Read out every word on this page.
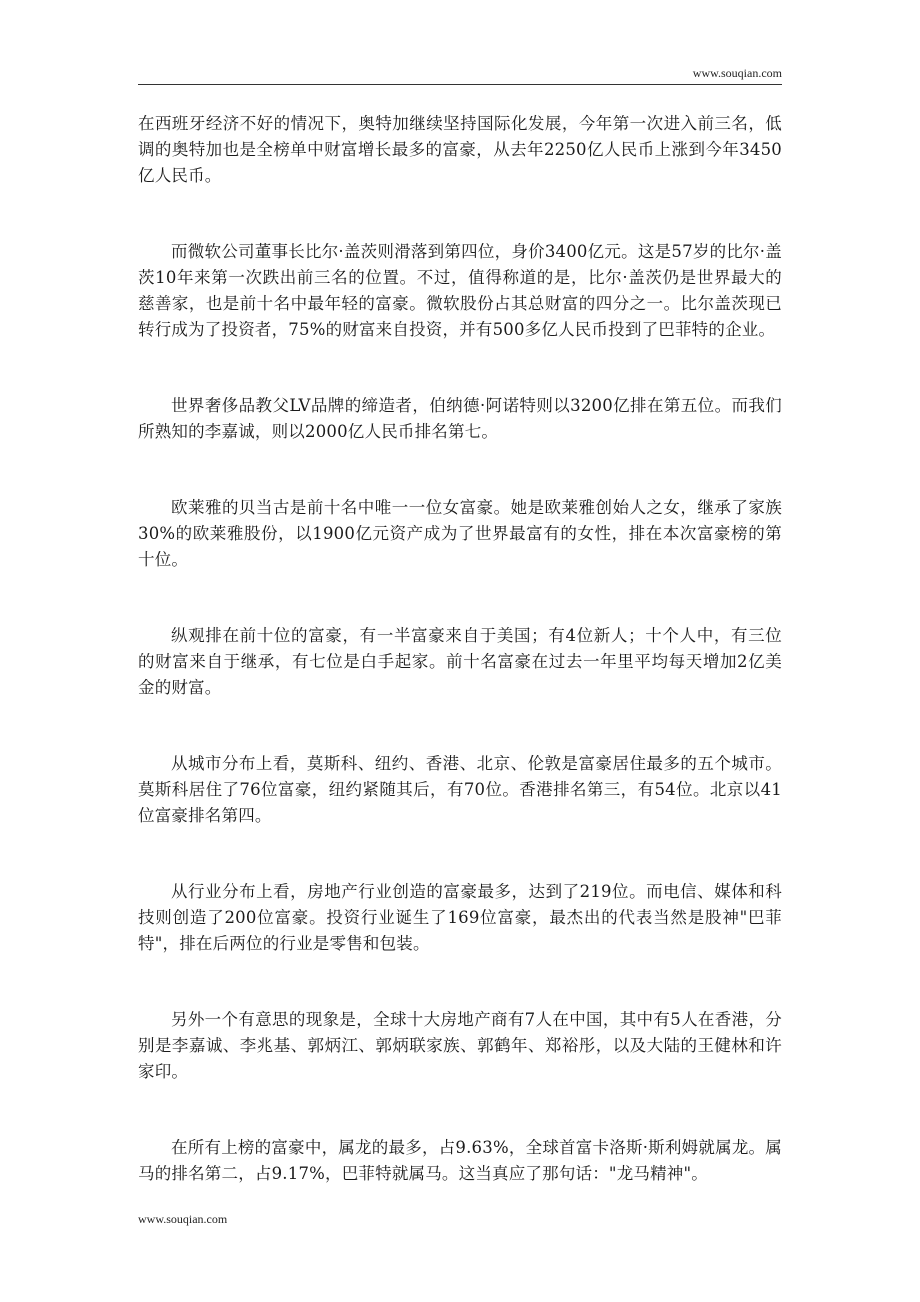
www.souqian.com

在西班牙经济不好的情况下，奥特加继续坚持国际化发展，今年第一次进入前三名，低调的奥特加也是全榜单中财富增长最多的富豪，从去年2250亿人民币上涨到今年3450亿人民币。

而微软公司董事长比尔·盖茨则滑落到第四位，身价3400亿元。这是57岁的比尔·盖茨10年来第一次跌出前三名的位置。不过，值得称道的是，比尔·盖茨仍是世界最大的慈善家，也是前十名中最年轻的富豪。微软股份占其总财富的四分之一。比尔盖茨现已转行成为了投资者，75%的财富来自投资，并有500多亿人民币投到了巴菲特的企业。

世界奢侈品教父LV品牌的缔造者，伯纳德·阿诺特则以3200亿排在第五位。而我们所熟知的李嘉诚，则以2000亿人民币排名第七。

欧莱雅的贝当古是前十名中唯一一位女富豪。她是欧莱雅创始人之女，继承了家族30%的欧莱雅股份，以1900亿元资产成为了世界最富有的女性，排在本次富豪榜的第十位。

纵观排在前十位的富豪，有一半富豪来自于美国；有4位新人；十个人中，有三位的财富来自于继承，有七位是白手起家。前十名富豪在过去一年里平均每天增加2亿美金的财富。

从城市分布上看，莫斯科、纽约、香港、北京、伦敦是富豪居住最多的五个城市。莫斯科居住了76位富豪，纽约紧随其后，有70位。香港排名第三，有54位。北京以41位富豪排名第四。

从行业分布上看，房地产行业创造的富豪最多，达到了219位。而电信、媒体和科技则创造了200位富豪。投资行业诞生了169位富豪，最杰出的代表当然是股神"巴菲特"，排在后两位的行业是零售和包装。

另外一个有意思的现象是，全球十大房地产商有7人在中国，其中有5人在香港，分别是李嘉诚、李兆基、郭炳江、郭炳联家族、郭鹤年、郑裕彤，以及大陆的王健林和许家印。

在所有上榜的富豪中，属龙的最多，占9.63%，全球首富卡洛斯·斯利姆就属龙。属马的排名第二，占9.17%，巴菲特就属马。这当真应了那句话："龙马精神"。

www.souqian.com
